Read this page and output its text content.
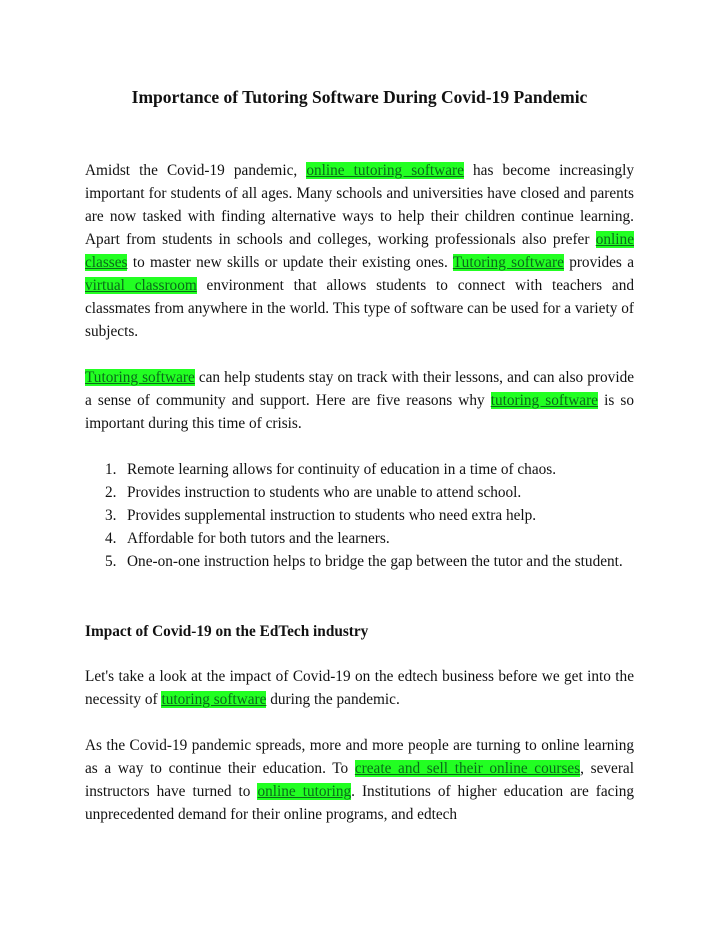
Importance of Tutoring Software During Covid-19 Pandemic

Amidst the Covid-19 pandemic, online tutoring software has become increasingly important for students of all ages. Many schools and universities have closed and parents are now tasked with finding alternative ways to help their children continue learning. Apart from students in schools and colleges, working professionals also prefer online classes to master new skills or update their existing ones. Tutoring software provides a virtual classroom environment that allows students to connect with teachers and classmates from anywhere in the world. This type of software can be used for a variety of subjects.

Tutoring software can help students stay on track with their lessons, and can also provide a sense of community and support. Here are five reasons why tutoring software is so important during this time of crisis.

1. Remote learning allows for continuity of education in a time of chaos.
2. Provides instruction to students who are unable to attend school.
3. Provides supplemental instruction to students who need extra help.
4. Affordable for both tutors and the learners.
5. One-on-one instruction helps to bridge the gap between the tutor and the student.
Impact of Covid-19 on the EdTech industry

Let's take a look at the impact of Covid-19 on the edtech business before we get into the necessity of tutoring software during the pandemic.

As the Covid-19 pandemic spreads, more and more people are turning to online learning as a way to continue their education. To create and sell their online courses, several instructors have turned to online tutoring. Institutions of higher education are facing unprecedented demand for their online programs, and edtech
